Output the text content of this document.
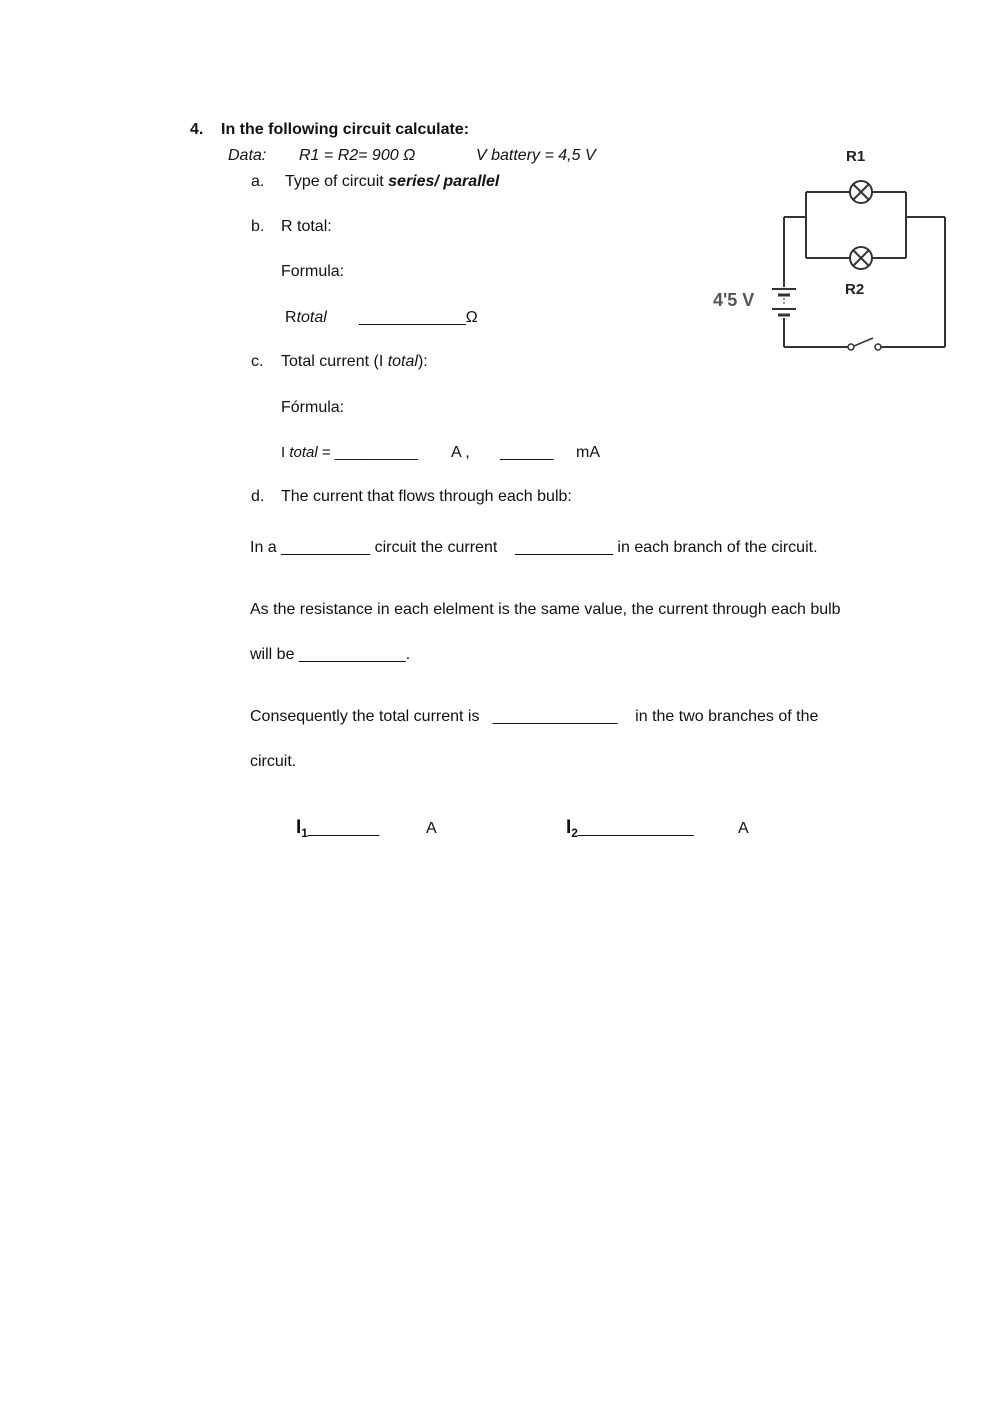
4. In the following circuit calculate:
Data: R1 = R2= 900 Ω	V battery = 4,5 V
a. Type of circuit series/ parallel
b. R total:
Formula:
Rtotal ____________Ω
c. Total current (I total):
Fórmula:
I total = __________ A , ______ mA
d. The current that flows through each bulb:
In a __________ circuit the current    ___________ in each branch of the circuit.
As the resistance in each elelment is the same value, the current through each bulb
will be ____________.
Consequently the total current is   ______________    in the two branches of the
circuit.
$I_1\_\_\_\_\_\_\_\_$	A	$I_2\_\_\_\_\_\_\_\_\_\_\_\_\_$	A
R1
R2
4'5 V
